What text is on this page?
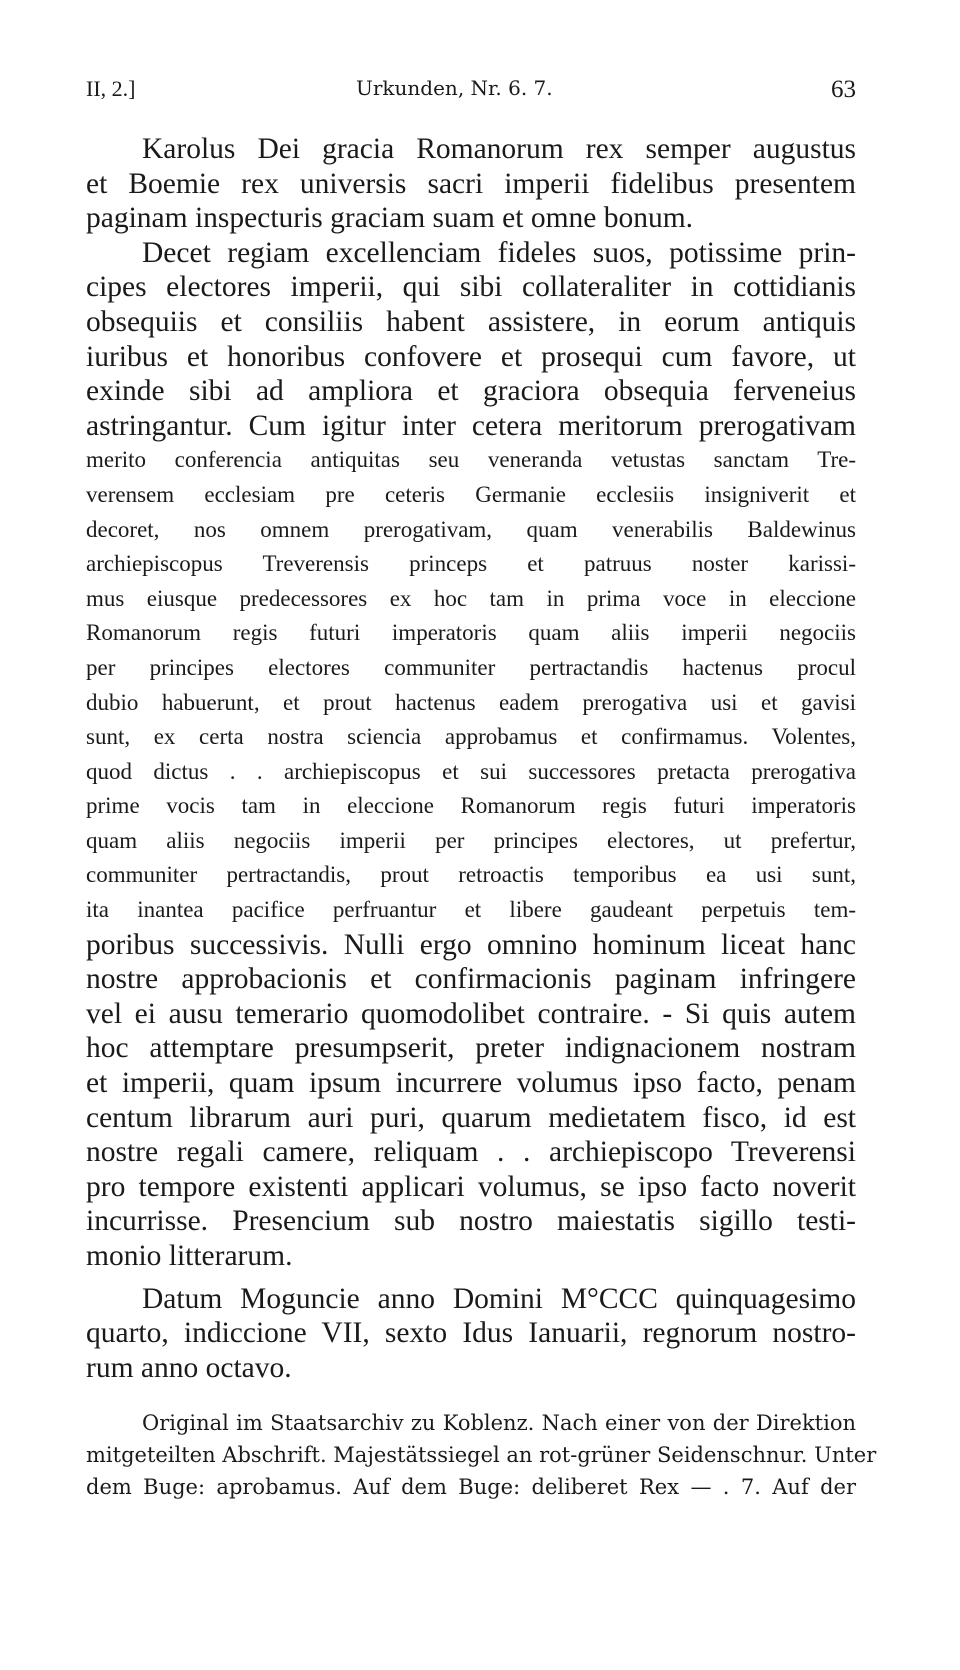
II, 2.]	Urkunden, Nr. 6. 7.	63
Karolus Dei gracia Romanorum rex semper augustus
et Boemie rex universis sacri imperii fidelibus presentem
paginam inspecturis graciam suam et omne bonum.
Decet regiam excellenciam fideles suos, potissime prin-
cipes electores imperii, qui sibi collateraliter in cottidianis
obsequiis et consiliis habent assistere, in eorum antiquis
iuribus et honoribus confovere et prosequi cum favore, ut
exinde sibi ad ampliora et graciora obsequia ferveneius
astringantur. Cum igitur inter cetera meritorum prerogativam
merito conferencia antiquitas seu veneranda vetustas sanctam Tre-
verensem ecclesiam pre ceteris Germanie ecclesiis insigniverit et
decoret, nos omnem prerogativam, quam venerabilis Baldewinus
archiepiscopus Treverensis princeps et patruus noster karissi-
mus eiusque predecessores ex hoc tam in prima voce in eleccione
Romanorum regis futuri imperatoris quam aliis imperii negociis
per principes electores communiter pertractandis hactenus procul
dubio habuerunt, et prout hactenus eadem prerogativa usi et gavisi
sunt, ex certa nostra sciencia approbamus et confirmamus. Volentes,
quod dictus . . archiepiscopus et sui successores pretacta prerogativa
prime vocis tam in eleccione Romanorum regis futuri imperatoris
quam aliis negociis imperii per principes electores, ut prefertur,
communiter pertractandis, prout retroactis temporibus ea usi sunt,
ita inantea pacifice perfruantur et libere gaudeant perpetuis tem-
poribus successivis. Nulli ergo omnino hominum liceat hanc
nostre approbacionis et confirmacionis paginam infringere
vel ei ausu temerario quomodolibet contraire. - Si quis autem
hoc attemptare presumpserit, preter indignacionem nostram
et imperii, quam ipsum incurrere volumus ipso facto, penam
centum librarum auri puri, quarum medietatem fisco, id est
nostre regali camere, reliquam . . archiepiscopo Treverensi
pro tempore existenti applicari volumus, se ipso facto noverit
incurrisse. Presencium sub nostro maiestatis sigillo testi-
monio litterarum.
Datum Moguncie anno Domini M°CCC quinquagesimo
quarto, indiccione VII, sexto Idus Ianuarii, regnorum nostro-
rum anno octavo.
Original im Staatsarchiv zu Koblenz. Nach einer von der Direktion
mitgeteilten Abschrift. Majestätssiegel an rot-grüner Seidenschnur. Unter
dem Buge: aprobamus. Auf dem Buge: deliberet Rex — . 7. Auf der
